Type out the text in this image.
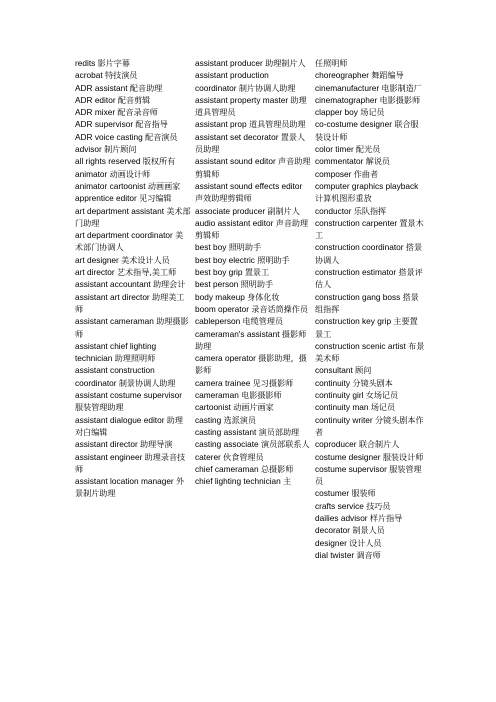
redits 影片字幕

acrobat 特技演员

ADR assistant 配音助理

ADR editor 配音剪辑

ADR mixer 配音录音师

ADR supervisor 配音指导

ADR voice casting 配音演员

advisor 制片顾问

all rights reserved 版权所有

animator 动画设计师

animator cartoonist 动画画家

apprentice editor 见习编辑

art department assistant 美术部门助理

art department coordinator 美术部门协调人

art designer 美术设计人员

art director 艺术指导,美工师

assistant accountant 助理会计

assistant art director 助理美工师

assistant cameraman 助理摄影师

assistant chief lighting technician 助理照明师

assistant construction coordinator 制景协调人助理

assistant costume supervisor 服装管理助理

assistant dialogue editor 助理对白编辑

assistant director 助理导演

assistant engineer 助理录音技师

assistant location manager 外景制片助理

assistant producer 助理制片人

assistant production coordinator 制片协调人助理

assistant property master 助理道具管理员

assistant prop 道具管理员助理

assistant set decorator 置景人员助理

assistant sound editor 声音助理剪辑师

assistant sound effects editor 声效助理剪辑师

associate producer 副制片人

audio assistant editor 声音助理剪辑师

best boy 照明助手

best boy electric 照明助手

best boy grip 置景工

best person 照明助手

body makeup 身体化妆

boom operator 录音话筒操作员

cableperson 电缆管理员

cameraman's assistant 摄影师助理

camera operator 摄影助理，摄影师

camera trainee 见习摄影师

cameraman 电影摄影师

cartoonist 动画片画家

casting 选派演员

casting assistant 演员部助理

casting associate 演员部联系人

caterer 伙食管理员

chief cameraman 总摄影师

chief lighting technician 主

任照明师

choreographer 舞蹈编导

cinemanufacturer 电影制造厂

cinematographer 电影摄影师

clapper boy 场记员

co-costume designer 联合服装设计师

color timer 配光员

commentator 解说员

composer 作曲者

computer graphics playback 计算机图形重放

conductor 乐队指挥

construction carpenter 置景木工

construction coordinator 搭景协调人

construction estimator 搭景评估人

construction gang boss 搭景组指挥

construction key grip 主要置景工

construction scenic artist 布景美术师

consultant 顾问

continuity 分镜头剧本

continuity girl 女场记员

continuity man 场记员

continuity writer 分镜头剧本作者

coproducer 联合制片人

costume designer 服装设计师

costume supervisor 服装管理员

costumer 服装师

crafts service 技巧员

dailies advisor 样片指导

decorator 制景人员

designer 设计人员

dial twister 调音师
